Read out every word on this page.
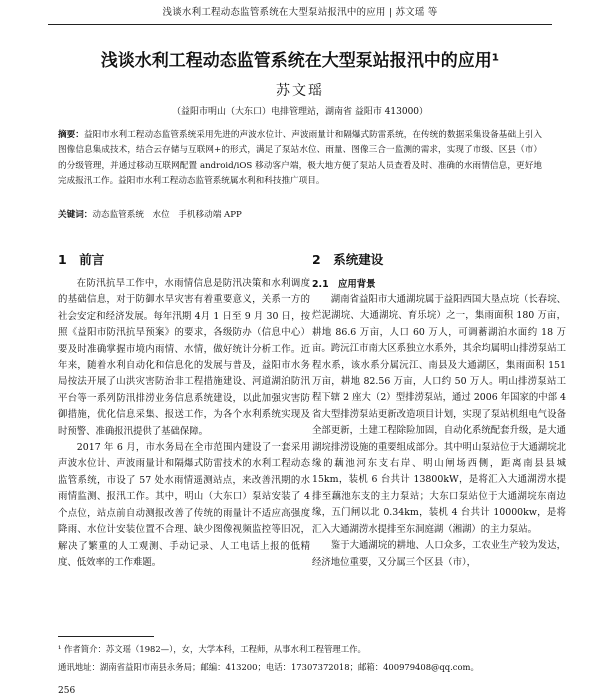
浅谈水利工程动态监管系统在大型泵站报汛中的应用 | 苏文瑶 等
浅谈水利工程动态监管系统在大型泵站报汛中的应用¹
苏文瑶
（益阳市明山（大东口）电排管理站，湖南省 益阳市 413000）
摘要：益阳市水利工程动态监管系统采用先进的声波水位计、声波雨量计和隔爆式防雷系统，在传统的数据采集设备基础上引入图像信息集成技术，结合云存储与互联网+的形式，满足了泵站水位、雨量、图像三合一监测的需求，实现了市级、区县（市）的分级管理，并通过移动互联网配置 android/iOS 移动客户端，极大地方便了泵站人员查看及时、准确的水雨情信息，更好地完成报汛工作。益阳市水利工程动态监管系统属水利和科技推广项目。
关键词：动态监管系统　水位　手机移动端 APP
1　前言

在防汛抗旱工作中，水雨情信息是防汛决策和水利调度的基础信息，对于防御水旱灾害有着重要意义，关系一方的社会安定和经济发展。每年汛期 4月 1 日至 9 月 30 日，按照《益阳市防汛抗旱预案》的要求，各级防办（信息中心）要及时准确掌握市境内雨情、水情，做好统计分析工作。近年来，随着水利自动化和信息化的发展与普及，益阳市水务局按法开展了山洪灾害防治非工程措施建设、河道湖泊防汛平台等一系列防汛排涝业务信息系统建设，以此加强灾害防御措施，优化信息采集、报送工作，为各个水利系统实现及时预警、准确报汛提供了基础保障。

2017 年 6 月，市水务局在全市范围内建设了一套采用声波水位计、声波雨量计和隔爆式防雷技术的水利工程动态监管系统，市设了 57 处水雨情遥测站点，来改善汛期的水雨情监测、报汛工作。其中，明山（大东口）泵站安装了 4 个点位，站点前自动测报改善了传统的雨量计不适应高强度降雨、水位计安装位置不合理、缺少图像视频监控等旧况，解决了繁重的人工观测、手动记录、人工电话上报的低精度、低效率的工作难题。

2　系统建设
2.1　应用背景

湖南省益阳市大通湖垸属于益阳西国大垦点垸（长春垸、烂泥湖垸、大通湖垸、育乐垸）之一，集雨面积 180 万亩，耕地 86.6 万亩，人口 60 万人，可调蓄湖泊水面约 18 万亩。跨沅江市南大区系独立水系外，其余均属明山排涝泵站工程水系，该水系分属沅江、南县及大通湖区，集雨面积 151 万亩，耕地 82.56 万亩，人口约 50 万人。明山排涝泵站工程下辖 2 座大（2）型排涝泵站，通过 2006 年国家的中部 4 省大型排涝泵站更新改造项目计划，实现了泵站机组电气设备全部更新，土建工程除险加固，自动化系统配套升级，是大通湖垸排涝设施的重要组成部分。其中明山泵站位于大通湖垸北缘的藕池河东支右岸、明山闸场西侧，距离南县县城 15km，装机 6 台共计 13800kW，是将汇入大通湖涝水提排至藕池东支的主力泵站；大东口泵站位于大通湖垸东南边缘，五门闸以北 0.34km，装机 4 台共计 10000kw，是将汇入大通湖涝水提排至东洞庭湖（湘湖）的主力泵站。

鉴于大通湖垸的耕地、人口众多，工农业生产较为发达，经济地位重要，又分属三个区县（市），

¹ 作者简介：苏文瑶（1982—），女，大学本科，工程师，从事水利工程管理工作。
通讯地址：湖南省益阳市南县永务局；邮编：413200；电话：17307372018；邮箱：400979408@qq.com。
256
